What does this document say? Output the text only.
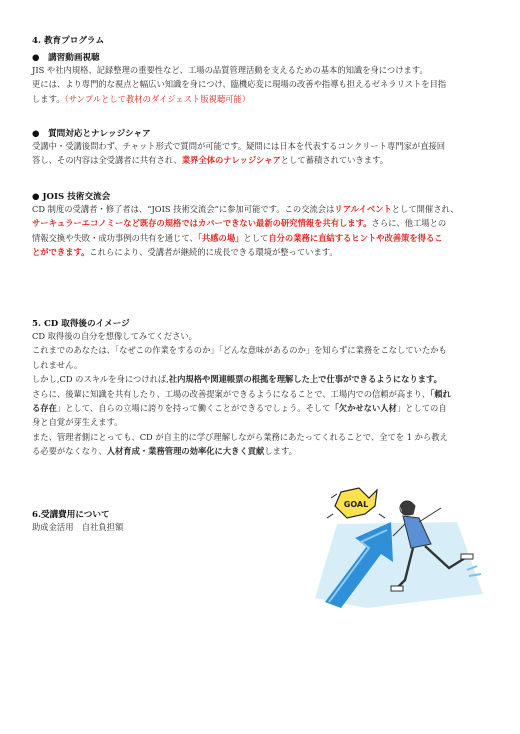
4. 教育プログラム
●　講習動画視聴
JIS や社内規格、記録整理の重要性など、工場の品質管理活動を支えるための基本的知識を身につけます。
更には、より専門的な視点と幅広い知識を身につけ、臨機応変に現場の改善や指導も担えるゼネラリストを目指
します。（サンプルとして教材のダイジェスト版視聴可能）
●　質問対応とナレッジシャア
受講中・受講後問わず、チャット形式で質問が可能です。疑問には日本を代表するコンクリート専門家が直接回
答し、その内容は全受講者に共有され、業界全体のナレッジシャアとして蓄積されていきます。
● JOIS 技術交流会
CD 制度の受講者・修了者は、“JOIS 技術交流会”に参加可能です。この交流会はリアルイベントとして開催され、
サーキュラーエコノミーなど既存の規格ではカバーできない最新の研究情報を共有します。さらに、他工場との
情報交換や失敗・成功事例の共有を通じて、「共感の場」として自分の業務に直結するヒントや改善策を得るこ
とができます。これらにより、受講者が継続的に成長できる環境が整っています。
5. CD 取得後のイメージ
CD 取得後の自分を想像してみてください。
これまでのあなたは、「なぜこの作業をするのか」「どんな意味があるのか」を知らずに業務をこなしていたかも
しれません。
しかし,CD のスキルを身につければ,社内規格や関連帳票の根拠を理解した上で仕事ができるようになります。
さらに、後輩に知識を共有したり、工場の改善提案ができるようになることで、工場内での信頼が高まり、「頼れ
る存在」として、自らの立場に誇りを持って働くことができるでしょう。そして「欠かせない人材」としての自
身と自覚が芽生えます。
また、管理者側にとっても、CD が自主的に学び理解しながら業務にあたってくれることで、全てを 1 から教え
る必要がなくなり、人材育成・業務管理の効率化に大きく貢献します。
6.受講費用について
助成金活用　自社負担額
GOAL
